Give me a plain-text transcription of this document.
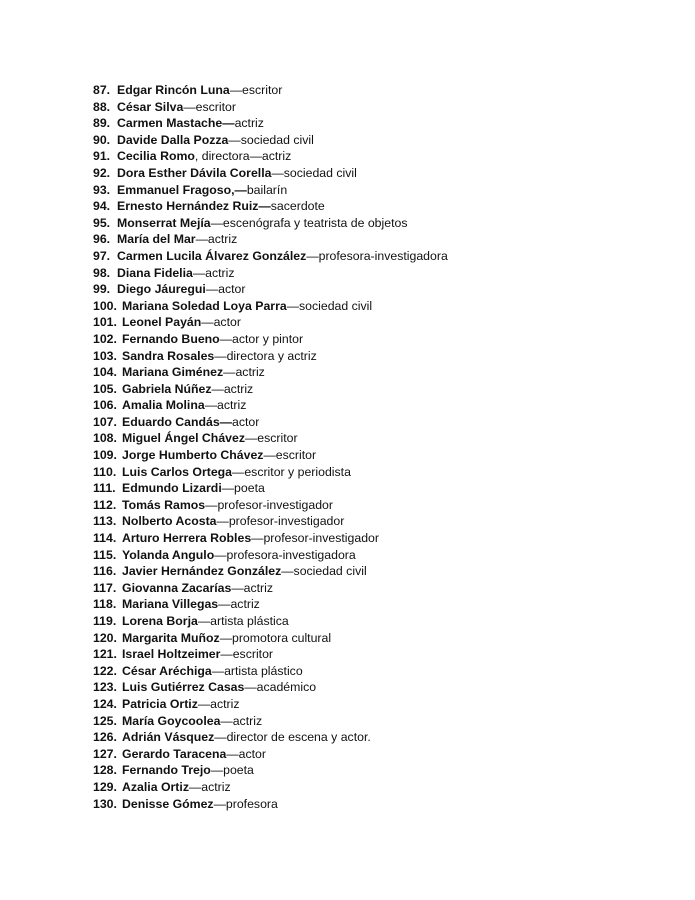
87. Edgar Rincón Luna—escritor
88. César Silva—escritor
89. Carmen Mastache—actriz
90. Davide Dalla Pozza—sociedad civil
91. Cecilia Romo, directora—actriz
92. Dora Esther Dávila Corella—sociedad civil
93. Emmanuel Fragoso,—bailarín
94. Ernesto Hernández Ruiz—sacerdote
95. Monserrat Mejía—escenógrafa y teatrista de objetos
96. María del Mar—actriz
97. Carmen Lucila Álvarez González—profesora-investigadora
98. Diana Fidelia—actriz
99. Diego Jáuregui—actor
100. Mariana Soledad Loya Parra—sociedad civil
101. Leonel Payán—actor
102. Fernando Bueno—actor y pintor
103. Sandra Rosales—directora y actriz
104. Mariana Giménez—actriz
105. Gabriela Núñez—actriz
106. Amalia Molina—actriz
107. Eduardo Candás—actor
108. Miguel Ángel Chávez—escritor
109. Jorge Humberto Chávez—escritor
110. Luis Carlos Ortega—escritor y periodista
111. Edmundo Lizardi—poeta
112. Tomás Ramos—profesor-investigador
113. Nolberto Acosta—profesor-investigador
114. Arturo Herrera Robles—profesor-investigador
115. Yolanda Angulo—profesora-investigadora
116. Javier Hernández González—sociedad civil
117. Giovanna Zacarías—actriz
118. Mariana Villegas—actriz
119. Lorena Borja—artista plástica
120. Margarita Muñoz—promotora cultural
121. Israel Holtzeimer—escritor
122. César Aréchiga—artista plástico
123. Luis Gutiérrez Casas—académico
124. Patricia Ortiz—actriz
125. María Goycoolea—actriz
126. Adrián Vásquez—director de escena y actor.
127. Gerardo Taracena—actor
128. Fernando Trejo—poeta
129. Azalia Ortiz—actriz
130. Denisse Gómez—profesora
